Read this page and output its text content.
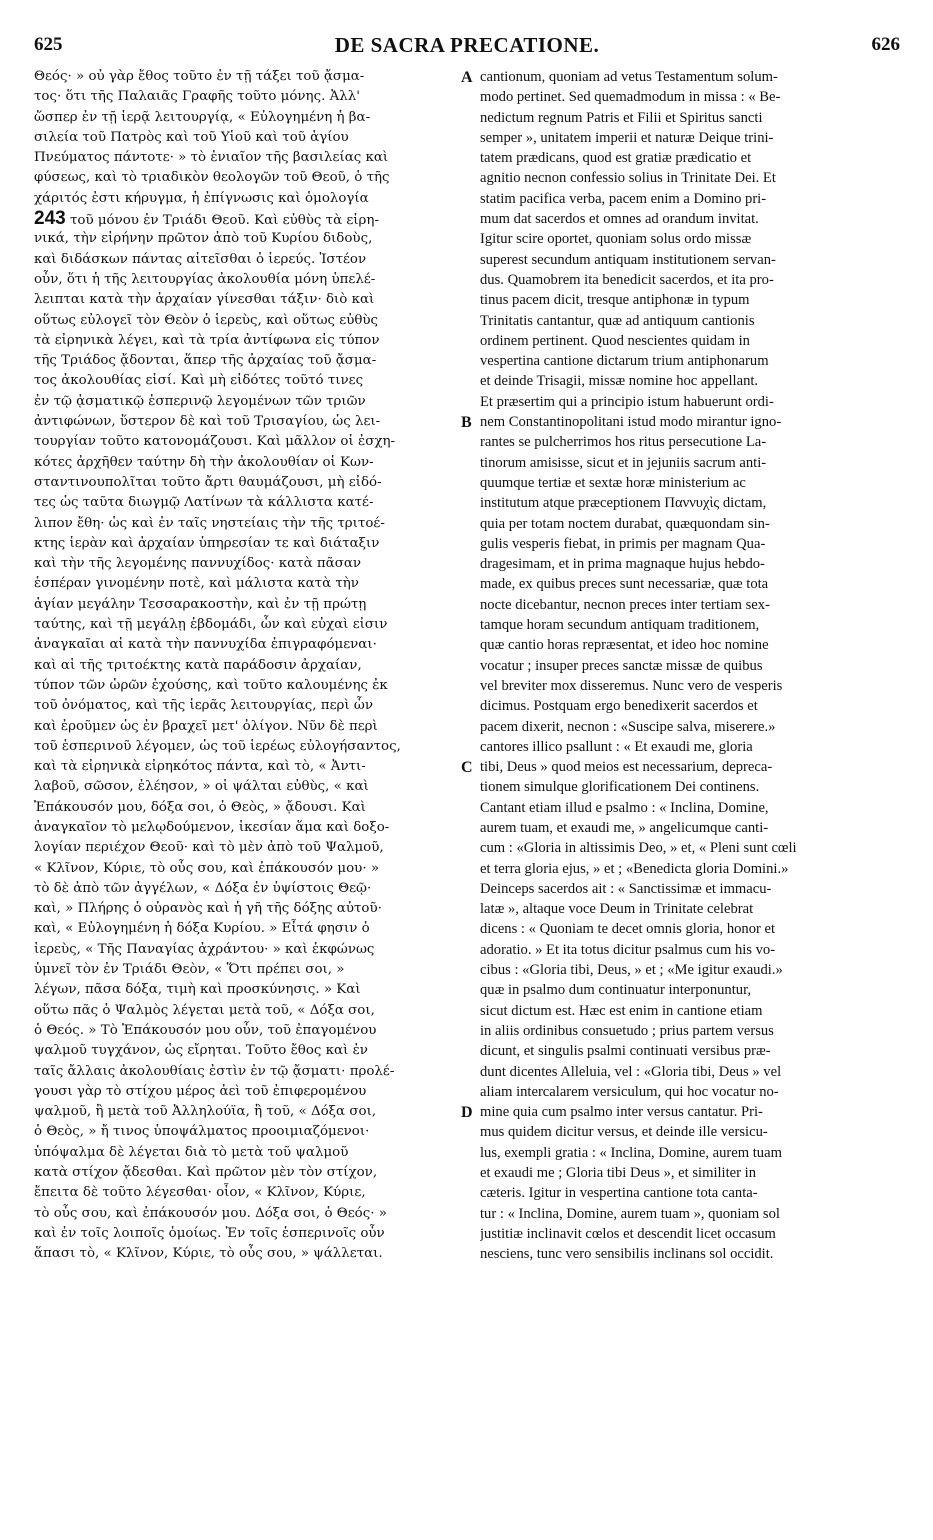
625	DE SACRA PRECATIONE.	626
Θεός· » οὐ γὰρ ἔθος τοῦτο ἐν τῇ τάξει τοῦ ᾄσμα-
τος· ὅτι τῆς Παλαιᾶς Γραφῆς τοῦτο μόνης. Ἀλλ'
ὥσπερ ἐν τῇ ἱερᾷ λειτουργίᾳ, « Εὐλογημένη ἡ βα-
σιλεία τοῦ Πατρὸς καὶ τοῦ Υἱοῦ καὶ τοῦ ἁγίου
Πνεύματος πάντοτε· » τὸ ἑνιαῖον τῆς βασιλείας καὶ
φύσεως, καὶ τὸ τριαδικὸν θεολογῶν τοῦ Θεοῦ, ὁ τῆς
χάριτός ἐστι κήρυγμα, ἡ ἐπίγνωσις καὶ ὁμολογία
243 τοῦ μόνου ἐν Τριάδι Θεοῦ. Καὶ εὐθὺς τὰ εἰρη-
νικά, τὴν εἰρήνην πρῶτον ἀπὸ τοῦ Κυρίου διδοὺς,
καὶ διδάσκων πάντας αἰτεῖσθαι ὁ ἱερεύς. Ἰστέον
οὖν, ὅτι ἡ τῆς λειτουργίας ἀκολουθία μόνη ὑπελέ-
λειπται κατὰ τὴν ἀρχαίαν γίνεσθαι τάξιν· διὸ καὶ
οὕτως εὐλογεῖ τὸν Θεὸν ὁ ἱερεὺς, καὶ οὕτως εὐθὺς
τὰ εἰρηνικὰ λέγει, καὶ τὰ τρία ἀντίφωνα εἰς τύπον
τῆς Τριάδος ᾄδονται, ἅπερ τῆς ἀρχαίας τοῦ ᾄσμα-
τος ἀκολουθίας εἰσί. Καὶ μὴ εἰδότες τοῦτό τινες
ἐν τῷ ᾀσματικῷ ἑσπερινῷ λεγομένων τῶν τριῶν
ἀντιφώνων, ὕστερον δὲ καὶ τοῦ Τρισαγίου, ὡς λει-
τουργίαν τοῦτο κατονομάζουσι. Καὶ μᾶλλον οἱ ἐσχη-
κότες ἀρχῆθεν ταύτην δὴ τὴν ἀκολουθίαν οἱ Κων-
σταντινουπολῖται τοῦτο ἄρτι θαυμάζουσι, μὴ εἰδό-
τες ὡς ταῦτα διωγμῷ Λατίνων τὰ κάλλιστα κατέ-
λιπον ἔθη· ὡς καὶ ἐν ταῖς νηστείαις τὴν τῆς τριτοέ-
κτης ἱερὰν καὶ ἀρχαίαν ὑπηρεσίαν τε καὶ διάταξιν
καὶ τὴν τῆς λεγομένης παννυχίδος· κατὰ πᾶσαν
ἑσπέραν γινομένην ποτὲ, καὶ μάλιστα κατὰ τὴν
ἁγίαν μεγάλην Τεσσαρακοστὴν, καὶ ἐν τῇ πρώτῃ
ταύτης, καὶ τῇ μεγάλῃ ἑβδομάδι, ὧν καὶ εὐχαὶ εἰσιν
ἀναγκαῖαι αἱ κατὰ τὴν παννυχίδα ἐπιγραφόμεναι·
καὶ αἱ τῆς τριτοέκτης κατὰ παράδοσιν ἀρχαίαν,
τύπον τῶν ὡρῶν ἐχούσης, καὶ τοῦτο καλουμένης ἐκ
τοῦ ὀνόματος, καὶ τῆς ἱερᾶς λειτουργίας, περὶ ὧν
καὶ ἐροῦμεν ὡς ἐν βραχεῖ μετ' ὀλίγον. Νῦν δὲ περὶ
τοῦ ἑσπερινοῦ λέγομεν, ὡς τοῦ ἱερέως εὐλογήσαντος,
καὶ τὰ εἰρηνικὰ εἰρηκότος πάντα, καὶ τὸ, « Ἀντι-
λαβοῦ, σῶσον, ἐλέησον, » οἱ ψάλται εὐθὺς, « καὶ
Ἐπάκουσόν μου, δόξα σοι, ὁ Θεὸς, » ᾄδουσι. Καὶ
ἀναγκαῖον τὸ μελῳδούμενον, ἱκεσίαν ἅμα καὶ δοξο-
λογίαν περιέχον Θεοῦ· καὶ τὸ μὲν ἀπὸ τοῦ Ψαλμοῦ,
« Κλῖνον, Κύριε, τὸ οὖς σου, καὶ ἐπάκουσόν μου· »
τὸ δὲ ἀπὸ τῶν ἀγγέλων, « Δόξα ἐν ὑψίστοις Θεῷ·
καὶ, » Πλήρης ὁ οὐρανὸς καὶ ἡ γῆ τῆς δόξης αὐτοῦ·
καὶ, « Εὐλογημένη ἡ δόξα Κυρίου. » Εἶτά φησιν ὁ
ἱερεὺς, « Τῆς Παναγίας ἀχράντου· » καὶ ἐκφώνως
ὑμνεῖ τὸν ἐν Τριάδι Θεὸν, « Ὅτι πρέπει σοι, »
λέγων, πᾶσα δόξα, τιμὴ καὶ προσκύνησις. » Καὶ
οὕτω πᾶς ὁ Ψαλμὸς λέγεται μετὰ τοῦ, « Δόξα σοι,
ὁ Θεός. » Τὸ Ἐπάκουσόν μου οὖν, τοῦ ἐπαγομένου
ψαλμοῦ τυγχάνον, ὡς εἴρηται. Τοῦτο ἔθος καὶ ἐν
ταῖς ἄλλαις ἀκολουθίαις ἐστὶν ἐν τῷ ᾄσματι· προλέ-
γουσι γὰρ τὸ στίχου μέρος ἀεὶ τοῦ ἐπιφερομένου
ψαλμοῦ, ἢ μετὰ τοῦ Ἀλληλούϊα, ἢ τοῦ, « Δόξα σοι,
ὁ Θεὸς, » ἤ τινος ὑποψάλματος προοιμιαζόμενοι·
ὑπόψαλμα δὲ λέγεται διὰ τὸ μετὰ τοῦ ψαλμοῦ
κατὰ στίχον ᾄδεσθαι. Καὶ πρῶτον μὲν τὸν στίχον,
ἔπειτα δὲ τοῦτο λέγεσθαι· οἷον, « Κλῖνον, Κύριε,
τὸ οὖς σου, καὶ ἐπάκουσόν μου. Δόξα σοι, ὁ Θεός· »
καὶ ἐν τοῖς λοιποῖς ὁμοίως. Ἐν τοῖς ἑσπερινοῖς οὖν
ἅπασι τὸ, « Κλῖνον, Κύριε, τὸ οὖς σου, » ψάλλεται.
A
B
C
D
cantionum, quoniam ad vetus Testamentum solum-
modo pertinet. Sed quemadmodum in missa : « Be-
nedictum regnum Patris et Filii et Spiritus sancti
semper », unitatem imperii et naturæ Deique trini-
tatem prædicans, quod est gratiæ prædicatio et
agnitio necnon confessio solius in Trinitate Dei. Et
statim pacifica verba, pacem enim a Domino pri-
mum dat sacerdos et omnes ad orandum invitat.
Igitur scire oportet, quoniam solus ordo missæ
superest secundum antiquam institutionem servan-
dus. Quamobrem ita benedicit sacerdos, et ita pro-
tinus pacem dicit, tresque antiphonæ in typum
Trinitatis cantantur, quæ ad antiquum cantionis
ordinem pertinent. Quod nescientes quidam in
vespertina cantione dictarum trium antiphonarum
et deinde Trisagii, missæ nomine hoc appellant.
Et præsertim qui a principio istum habuerunt ordi-
nem Constantinopolitani istud modo mirantur igno-
rantes se pulcherrimos hos ritus persecutione La-
tinorum amisisse, sicut et in jejuniis sacrum anti-
quumque tertiæ et sextæ horæ ministerium ac
institutum atque præceptionem Παννυχὶς dictam,
quia per totam noctem durabat, quæquondam sin-
gulis vesperis fiebat, in primis per magnam Qua-
dragesimam, et in prima magnaque hujus hebdo-
made, ex quibus preces sunt necessariæ, quæ tota
nocte dicebantur, necnon preces inter tertiam sex-
tamque horam secundum antiquam traditionem,
quæ cantio horas repræsentat, et ideo hoc nomine
vocatur ; insuper preces sanctæ missæ de quibus
vel breviter mox disseremus. Nunc vero de vesperis
dicimus. Postquam ergo benedixerit sacerdos et
pacem dixerit, necnon : «Suscipe salva, miserere.»
cantores illico psallunt : « Et exaudi me, gloria
tibi, Deus » quod meios est necessarium, depreca-
tionem simulque glorificationem Dei continens.
Cantant etiam illud e psalmo : « Inclina, Domine,
aurem tuam, et exaudi me, » angelicumque canti-
cum : «Gloria in altissimis Deo, » et, « Pleni sunt cœli
et terra gloria ejus, » et ; «Benedicta gloria Domini.»
Deinceps sacerdos ait : « Sanctissimæ et immacu-
latæ », altaque voce Deum in Trinitate celebrat
dicens : « Quoniam te decet omnis gloria, honor et
adoratio. » Et ita totus dicitur psalmus cum his vo-
cibus : «Gloria tibi, Deus, » et ; «Me igitur exaudi.»
quæ in psalmo dum continuatur interponuntur,
sicut dictum est. Hæc est enim in cantione etiam
in aliis ordinibus consuetudo ; prius partem versus
dicunt, et singulis psalmi continuati versibus præ-
dunt dicentes Alleluia, vel : «Gloria tibi, Deus » vel
aliam intercalarem versiculum, qui hoc vocatur no-
mine quia cum psalmo inter versus cantatur. Pri-
mus quidem dicitur versus, et deinde ille versicu-
lus, exempli gratia : « Inclina, Domine, aurem tuam
et exaudi me ; Gloria tibi Deus », et similiter in
cæteris. Igitur in vespertina cantione tota canta-
tur : « Inclina, Domine, aurem tuam », quoniam sol
justitiæ inclinavit cœlos et descendit licet occasum
nesciens, tunc vero sensibilis inclinans sol occidit.
